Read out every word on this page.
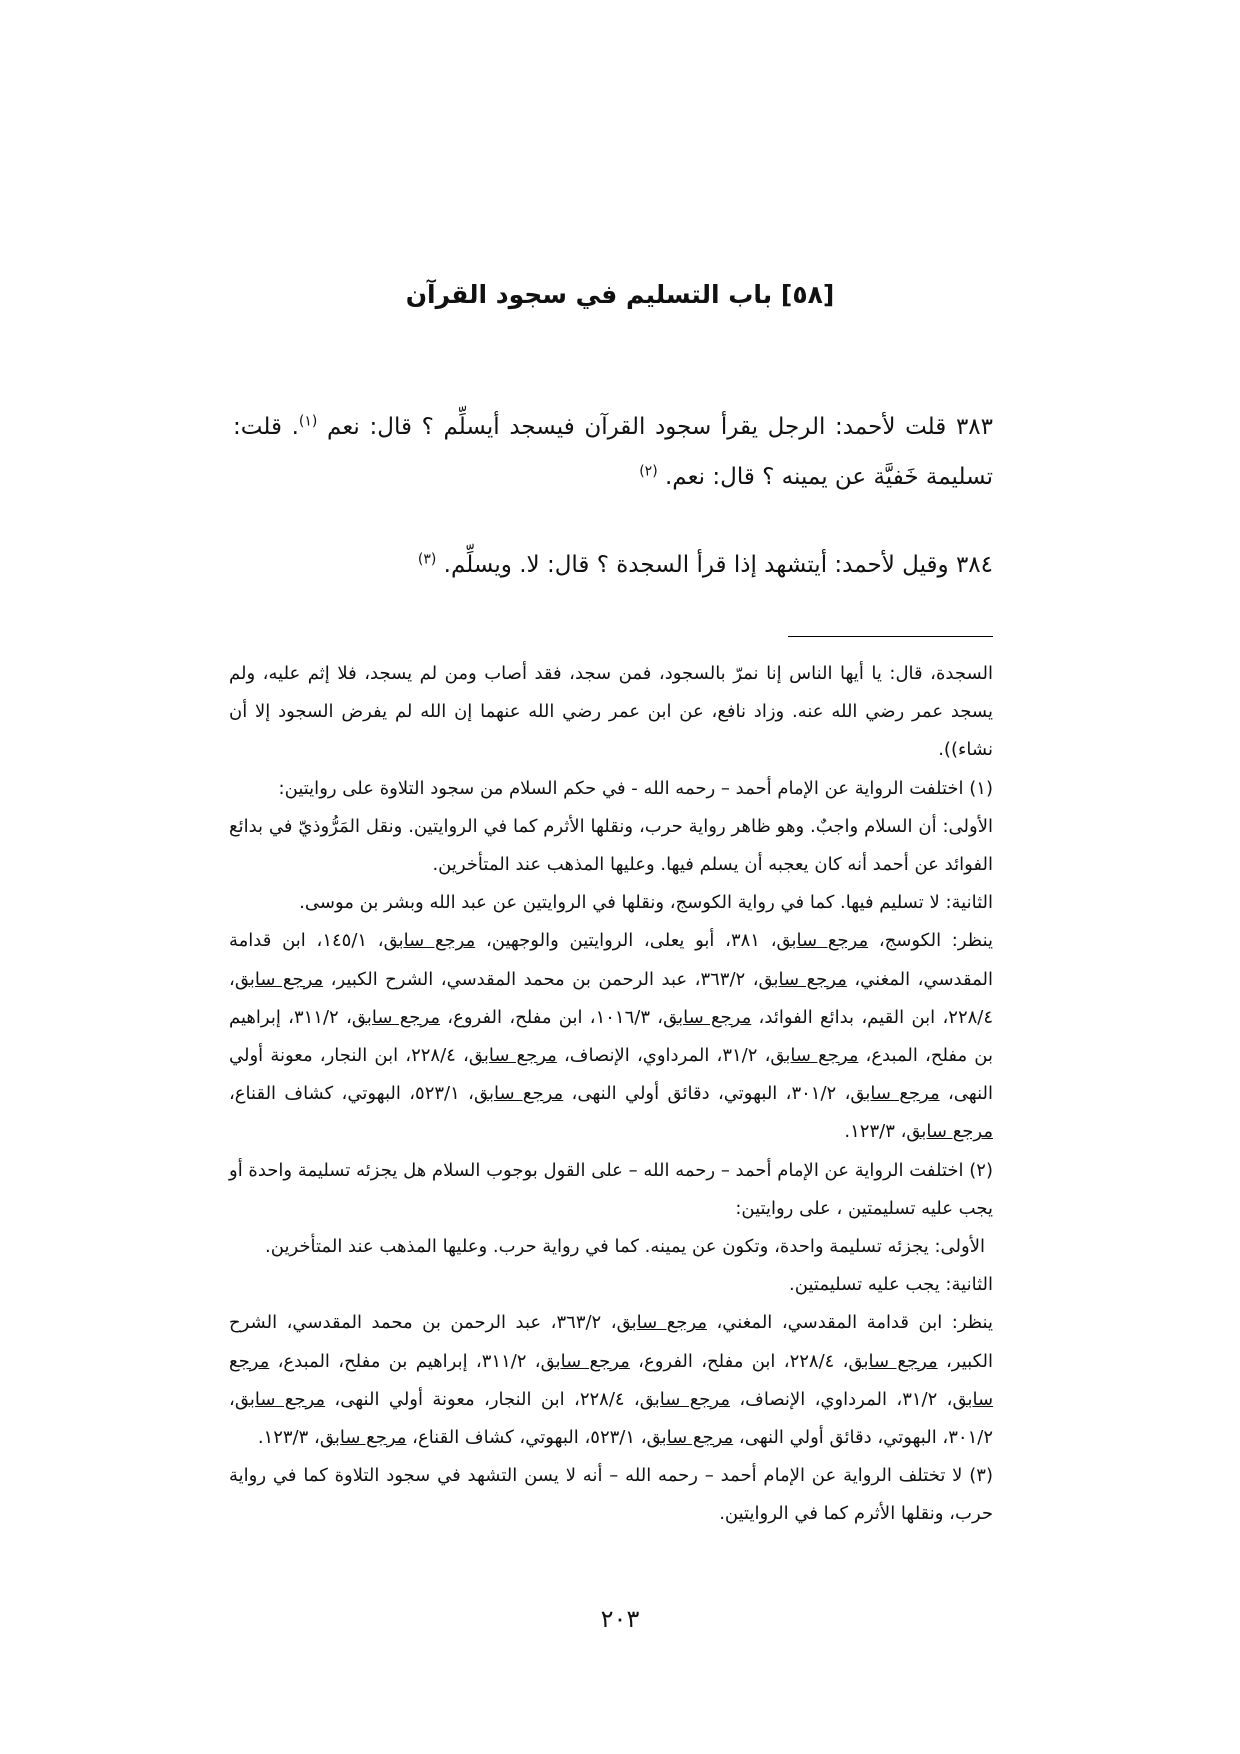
[٥٨] باب التسليم في سجود القرآن
٣٨٣ قلت لأحمد: الرجل يقرأ سجود القرآن فيسجد أيسلِّم ؟ قال: نعم $^{(١)}$. قلت: تسليمة خَفيَّة عن يمينه ؟ قال: نعم. $^{(٢)}$
٣٨٤ وقيل لأحمد: أيتشهد إذا قرأ السجدة ؟ قال: لا. ويسلِّم. $^{(٣)}$

السجدة، قال: يا أيها الناس إنا نمرّ بالسجود، فمن سجد، فقد أصاب ومن لم يسجد، فلا إثم عليه، ولم يسجد عمر رضي الله عنه. وزاد نافع، عن ابن عمر رضي الله عنهما إن الله لم يفرض السجود إلا أن نشاء)).

(١) اختلفت الرواية عن الإمام أحمد – رحمه الله - في حكم السلام من سجود التلاوة على روايتين:

الأولى: أن السلام واجبٌ. وهو ظاهر رواية حرب، ونقلها الأثرم كما في الروايتين. ونقل المَرُّوذيّ في بدائع الفوائد عن أحمد أنه كان يعجبه أن يسلم فيها. وعليها المذهب عند المتأخرين.

الثانية: لا تسليم فيها. كما في رواية الكوسج، ونقلها في الروايتين عن عبد الله وبشر بن موسى.

ينظر: الكوسج، مرجع سابق، ٣٨١، أبو يعلى، الروايتين والوجهين، مرجع سابق، ١٤٥/١، ابن قدامة المقدسي، المغني، مرجع سابق، ٣٦٣/٢، عبد الرحمن بن محمد المقدسي، الشرح الكبير، مرجع سابق، ٢٢٨/٤، ابن القيم، بدائع الفوائد، مرجع سابق، ١٠١٦/٣، ابن مفلح، الفروع، مرجع سابق، ٣١١/٢، إبراهيم بن مفلح، المبدع، مرجع سابق، ٣١/٢، المرداوي، الإنصاف، مرجع سابق، ٢٢٨/٤، ابن النجار، معونة أولي النهى، مرجع سابق، ٣٠١/٢، البهوتي، دقائق أولي النهى، مرجع سابق، ٥٢٣/١، البهوتي، كشاف القناع، مرجع سابق، ١٢٣/٣.

(٢) اختلفت الرواية عن الإمام أحمد – رحمه الله – على القول بوجوب السلام هل يجزئه تسليمة واحدة أو يجب عليه تسليمتين ، على روايتين:

الأولى: يجزئه تسليمة واحدة، وتكون عن يمينه. كما في رواية حرب. وعليها المذهب عند المتأخرين.

الثانية: يجب عليه تسليمتين.

ينظر: ابن قدامة المقدسي، المغني، مرجع سابق، ٣٦٣/٢، عبد الرحمن بن محمد المقدسي، الشرح الكبير، مرجع سابق، ٢٢٨/٤، ابن مفلح، الفروع، مرجع سابق، ٣١١/٢، إبراهيم بن مفلح، المبدع، مرجع سابق، ٣١/٢، المرداوي، الإنصاف، مرجع سابق، ٢٢٨/٤، ابن النجار، معونة أولي النهى، مرجع سابق، ٣٠١/٢، البهوتي، دقائق أولي النهى، مرجع سابق، ٥٢٣/١، البهوتي، كشاف القناع، مرجع سابق، ١٢٣/٣.

(٣) لا تختلف الرواية عن الإمام أحمد – رحمه الله – أنه لا يسن التشهد في سجود التلاوة كما في رواية حرب، ونقلها الأثرم كما في الروايتين.

٢٠٣
